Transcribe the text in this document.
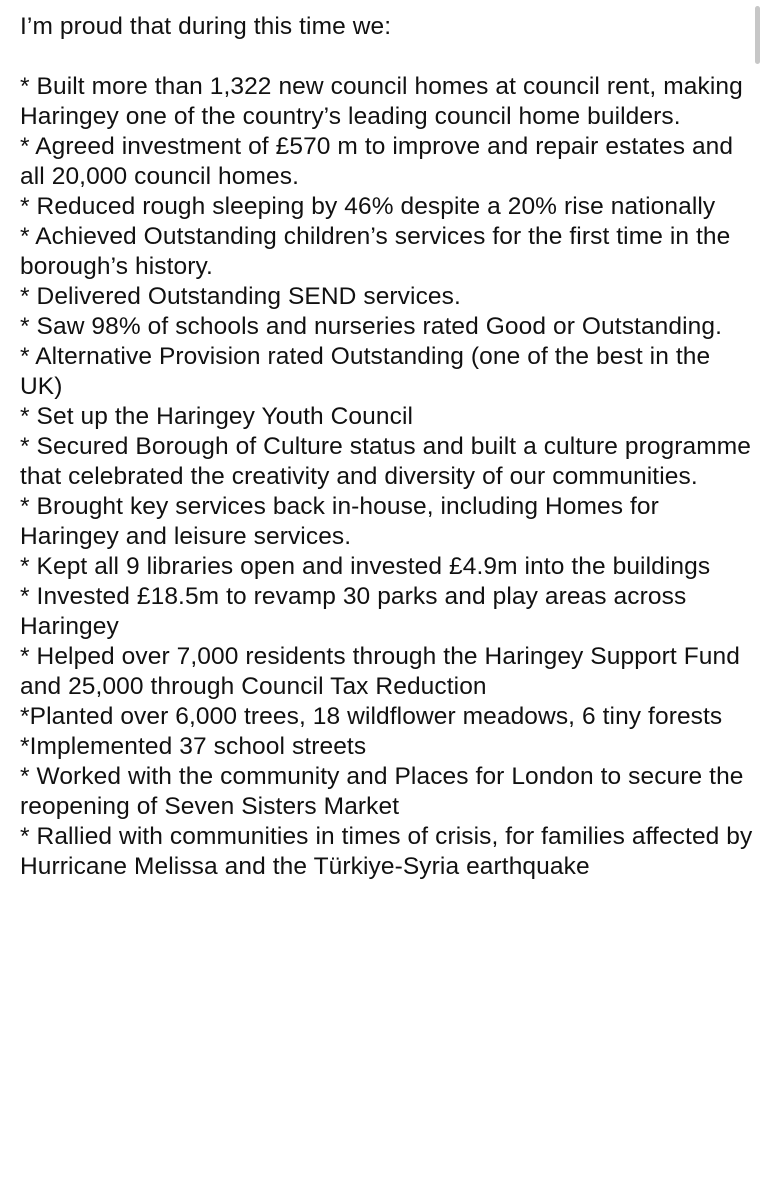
I’m proud that during this time we:

* Built more than 1,322 new council homes at council rent, making Haringey one of the country’s leading council home builders.

* Agreed investment of £570 m to improve and repair estates and all 20,000 council homes.

* Reduced rough sleeping by 46% despite a 20% rise nationally

* Achieved Outstanding children’s services for the first time in the borough’s history.

* Delivered Outstanding SEND services.

* Saw 98% of schools and nurseries rated Good or Outstanding.

* Alternative Provision rated Outstanding (one of the best in the UK)

* Set up the Haringey Youth Council

* Secured Borough of Culture status and built a culture programme that celebrated the creativity and diversity of our communities.

* Brought key services back in-house, including Homes for Haringey and leisure services.

* Kept all 9 libraries open and invested £4.9m into the buildings

* Invested £18.5m to revamp 30 parks and play areas across Haringey

* Helped over 7,000 residents through the Haringey Support Fund and 25,000 through Council Tax Reduction

*Planted over 6,000 trees, 18 wildflower meadows, 6 tiny forests

*Implemented 37 school streets

* Worked with the community and Places for London to secure the reopening of Seven Sisters Market

* Rallied with communities in times of crisis, for families affected by Hurricane Melissa and the Türkiye-Syria earthquake
